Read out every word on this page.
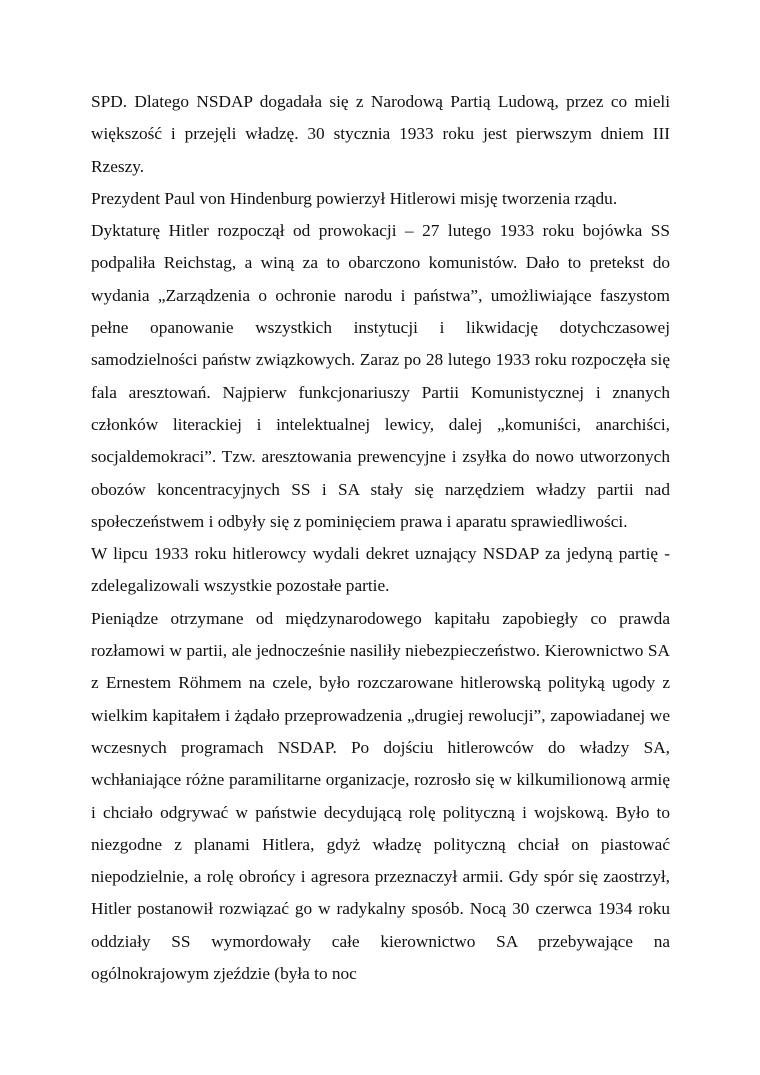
SPD. Dlatego NSDAP dogadała się z Narodową Partią Ludową, przez co mieli większość i przejęli władzę. 30 stycznia 1933 roku jest pierwszym dniem III Rzeszy.

Prezydent Paul von Hindenburg powierzył Hitlerowi misję tworzenia rządu.

Dyktaturę Hitler rozpoczął od prowokacji – 27 lutego 1933 roku bojówka SS podpaliła Reichstag, a winą za to obarczono komunistów. Dało to pretekst do wydania „Zarządzenia o ochronie narodu i państwa”, umożliwiające faszystom pełne opanowanie wszystkich instytucji i likwidację dotychczasowej samodzielności państw związkowych. Zaraz po 28 lutego 1933 roku rozpoczęła się fala aresztowań. Najpierw funkcjonariuszy Partii Komunistycznej i znanych członków literackiej i intelektualnej lewicy, dalej „komuniści, anarchiści, socjaldemokraci”. Tzw. aresztowania prewencyjne i zsyłka do nowo utworzonych obozów koncentracyjnych SS i SA stały się narzędziem władzy partii nad społeczeństwem i odbyły się z pominięciem prawa i aparatu sprawiedliwości.

W lipcu 1933 roku hitlerowcy wydali dekret uznający NSDAP za jedyną partię - zdelegalizowali wszystkie pozostałe partie.

Pieniądze otrzymane od międzynarodowego kapitału zapobiegły co prawda rozłamowi w partii, ale jednocześnie nasiliły niebezpieczeństwo. Kierownictwo SA z Ernestem Röhmem na czele, było rozczarowane hitlerowską polityką ugody z wielkim kapitałem i żądało przeprowadzenia „drugiej rewolucji”, zapowiadanej we wczesnych programach NSDAP. Po dojściu hitlerowców do władzy SA, wchłaniające różne paramilitarne organizacje, rozrosło się w kilkumilionową armię i chciało odgrywać w państwie decydującą rolę polityczną i wojskową. Było to niezgodne z planami Hitlera, gdyż władzę polityczną chciał on piastować niepodzielnie, a rolę obrońcy i agresora przeznaczył armii. Gdy spór się zaostrzył, Hitler postanowił rozwiązać go w radykalny sposób. Nocą 30 czerwca 1934 roku oddziały SS wymordowały całe kierownictwo SA przebywające na ogólnokrajowym zjeździe (była to noc
